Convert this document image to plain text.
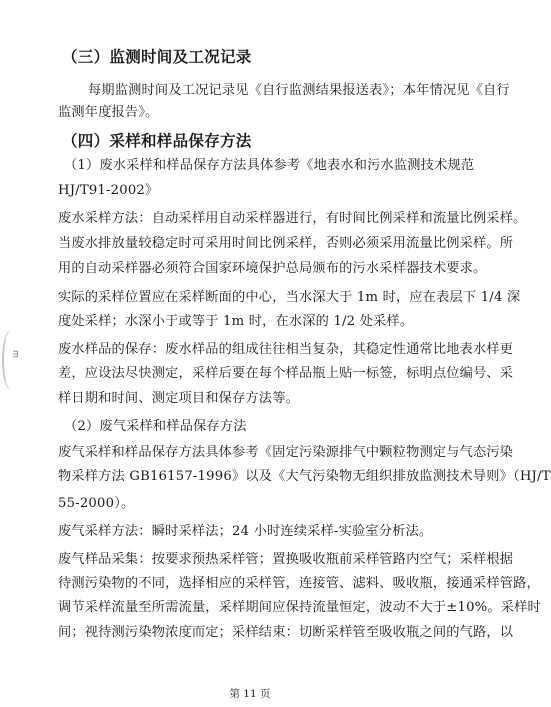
（三）监测时间及工况记录
每期监测时间及工况记录见《自行监测结果报送表》；本年情况见《自行
监测年度报告》。
（四）采样和样品保存方法
（1）废水采样和样品保存方法具体参考《地表水和污水监测技术规范
HJ/T91-2002》
废水采样方法：自动采样用自动采样器进行，有时间比例采样和流量比例采样。
当废水排放量较稳定时可采用时间比例采样，否则必须采用流量比例采样。所
用的自动采样器必须符合国家环境保护总局颁布的污水采样器技术要求。
实际的采样位置应在采样断面的中心，当水深大于 1m 时，应在表层下 1/4 深
度处采样；水深小于或等于 1m 时，在水深的 1/2 处采样。
废水样品的保存：废水样品的组成往往相当复杂，其稳定性通常比地表水样更
差，应设法尽快测定，采样后要在每个样品瓶上贴一标签，标明点位编号、采
样日期和时间、测定项目和保存方法等。
（2）废气采样和样品保存方法
废气采样和样品保存方法具体参考《固定污染源排气中颗粒物测定与气态污染
物采样方法 GB16157-1996》以及《大气污染物无组织排放监测技术导则》（HJ/T
55-2000）。
废气采样方法：瞬时采样法；24 小时连续采样-实验室分析法。
废气样品采集：按要求预热采样管；置换吸收瓶前采样管路内空气；采样根据
待测污染物的不同，选择相应的采样管，连接管、滤料、吸收瓶，接通采样管路，
调节采样流量至所需流量，采样期间应保持流量恒定，波动不大于±10%。采样时
间；视待测污染物浓度而定；采样结束：切断采样管至吸收瓶之间的气路，以
ш
第 11 页
